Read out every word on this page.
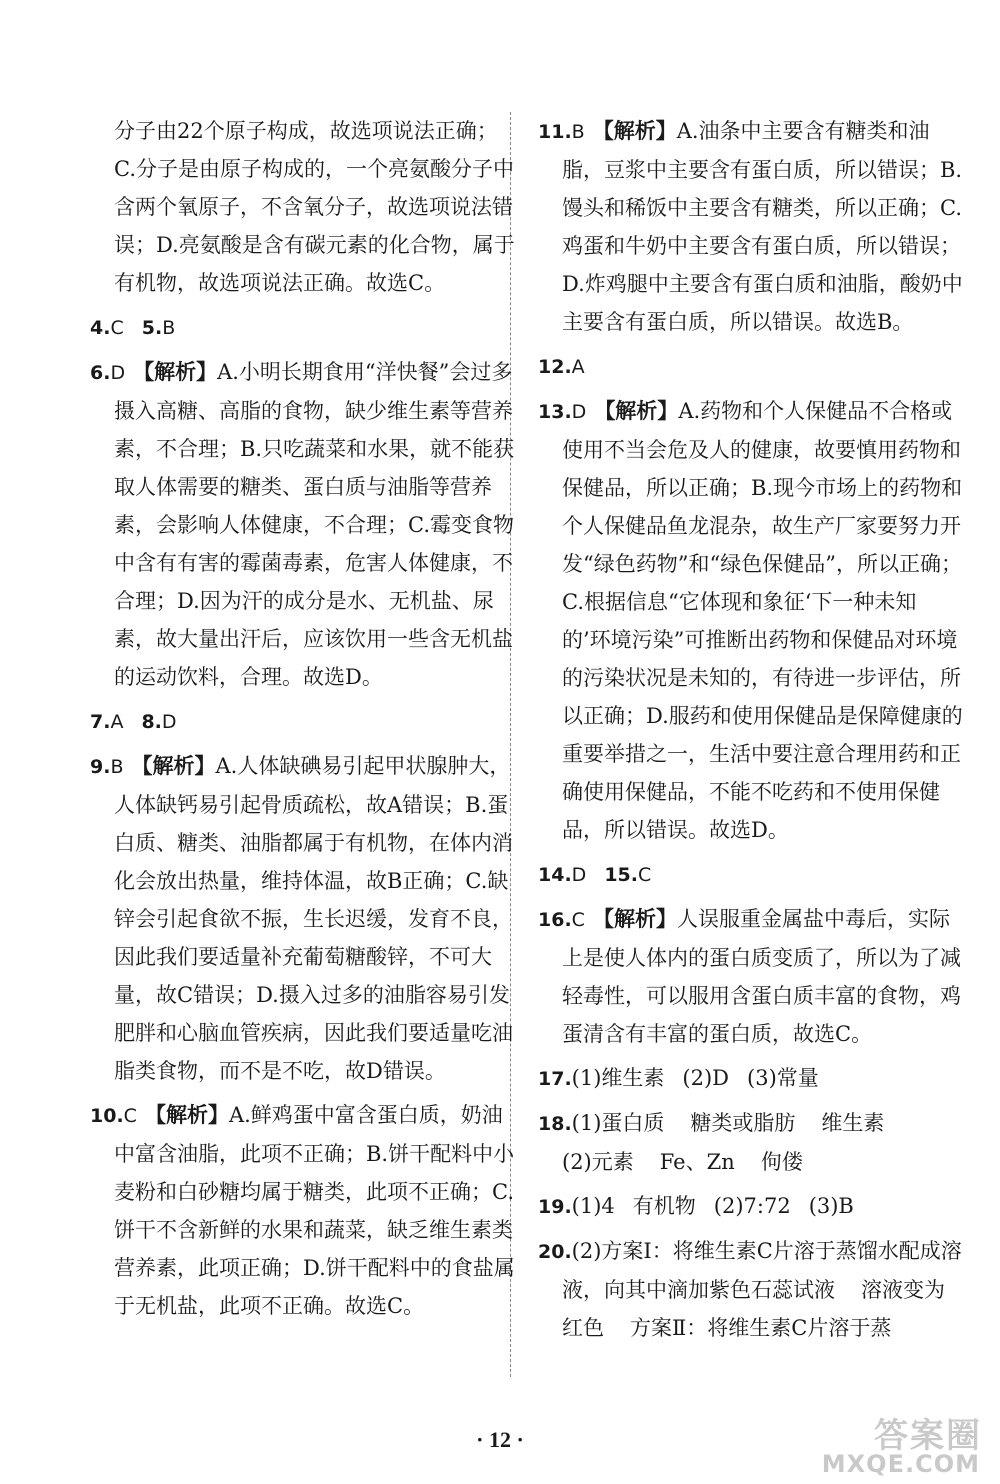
分子由22个原子构成，故选项说法正确；C.分子是由原子构成的，一个亮氨酸分子中含两个氧原子，不含氧分子，故选项说法错误；D.亮氨酸是含有碳元素的化合物，属于有机物，故选项说法正确。故选C。

4.C 5.B

6.D 【解析】A.小明长期食用“洋快餐”会过多摄入高糖、高脂的食物，缺少维生素等营养素，不合理；B.只吃蔬菜和水果，就不能获取人体需要的糖类、蛋白质与油脂等营养素，会影响人体健康，不合理；C.霉变食物中含有有害的霉菌毒素，危害人体健康，不合理；D.因为汗的成分是水、无机盐、尿素，故大量出汗后，应该饮用一些含无机盐的运动饮料，合理。故选D。

7.A 8.D

9.B 【解析】A.人体缺碘易引起甲状腺肿大，人体缺钙易引起骨质疏松，故A错误；B.蛋白质、糖类、油脂都属于有机物，在体内消化会放出热量，维持体温，故B正确；C.缺锌会引起食欲不振，生长迟缓，发育不良，因此我们要适量补充葡萄糖酸锌，不可大量，故C错误；D.摄入过多的油脂容易引发肥胖和心脑血管疾病，因此我们要适量吃油脂类食物，而不是不吃，故D错误。

10.C 【解析】A.鲜鸡蛋中富含蛋白质，奶油中富含油脂，此项不正确；B.饼干配料中小麦粉和白砂糖均属于糖类，此项不正确；C.饼干不含新鲜的水果和蔬菜，缺乏维生素类营养素，此项正确；D.饼干配料中的食盐属于无机盐，此项不正确。故选C。

11.B 【解析】A.油条中主要含有糖类和油脂，豆浆中主要含有蛋白质，所以错误；B.馒头和稀饭中主要含有糖类，所以正确；C.鸡蛋和牛奶中主要含有蛋白质，所以错误；D.炸鸡腿中主要含有蛋白质和油脂，酸奶中主要含有蛋白质，所以错误。故选B。

12.A

13.D 【解析】A.药物和个人保健品不合格或使用不当会危及人的健康，故要慎用药物和保健品，所以正确；B.现今市场上的药物和个人保健品鱼龙混杂，故生产厂家要努力开发“绿色药物”和“绿色保健品”，所以正确；C.根据信息“它体现和象征‘下一种未知的’环境污染”可推断出药物和保健品对环境的污染状况是未知的，有待进一步评估，所以正确；D.服药和使用保健品是保障健康的重要举措之一，生活中要注意合理用药和正确使用保健品，不能不吃药和不使用保健品，所以错误。故选D。

14.D 15.C

16.C 【解析】人误服重金属盐中毒后，实际上是使人体内的蛋白质变质了，所以为了减轻毒性，可以服用含蛋白质丰富的食物，鸡蛋清含有丰富的蛋白质，故选C。

17.(1)维生素 (2)D (3)常量

18.(1)蛋白质 糖类或脂肪 维生素
(2)元素 Fe、Zn 佝偻

19.(1)4 有机物 (2)7:72 (3)B

20.(2)方案Ⅰ：将维生素C片溶于蒸馏水配成溶液，向其中滴加紫色石蕊试液 溶液变为红色 方案Ⅱ：将维生素C片溶于蒸

· 12 ·	答案圈
MXQE.COM
